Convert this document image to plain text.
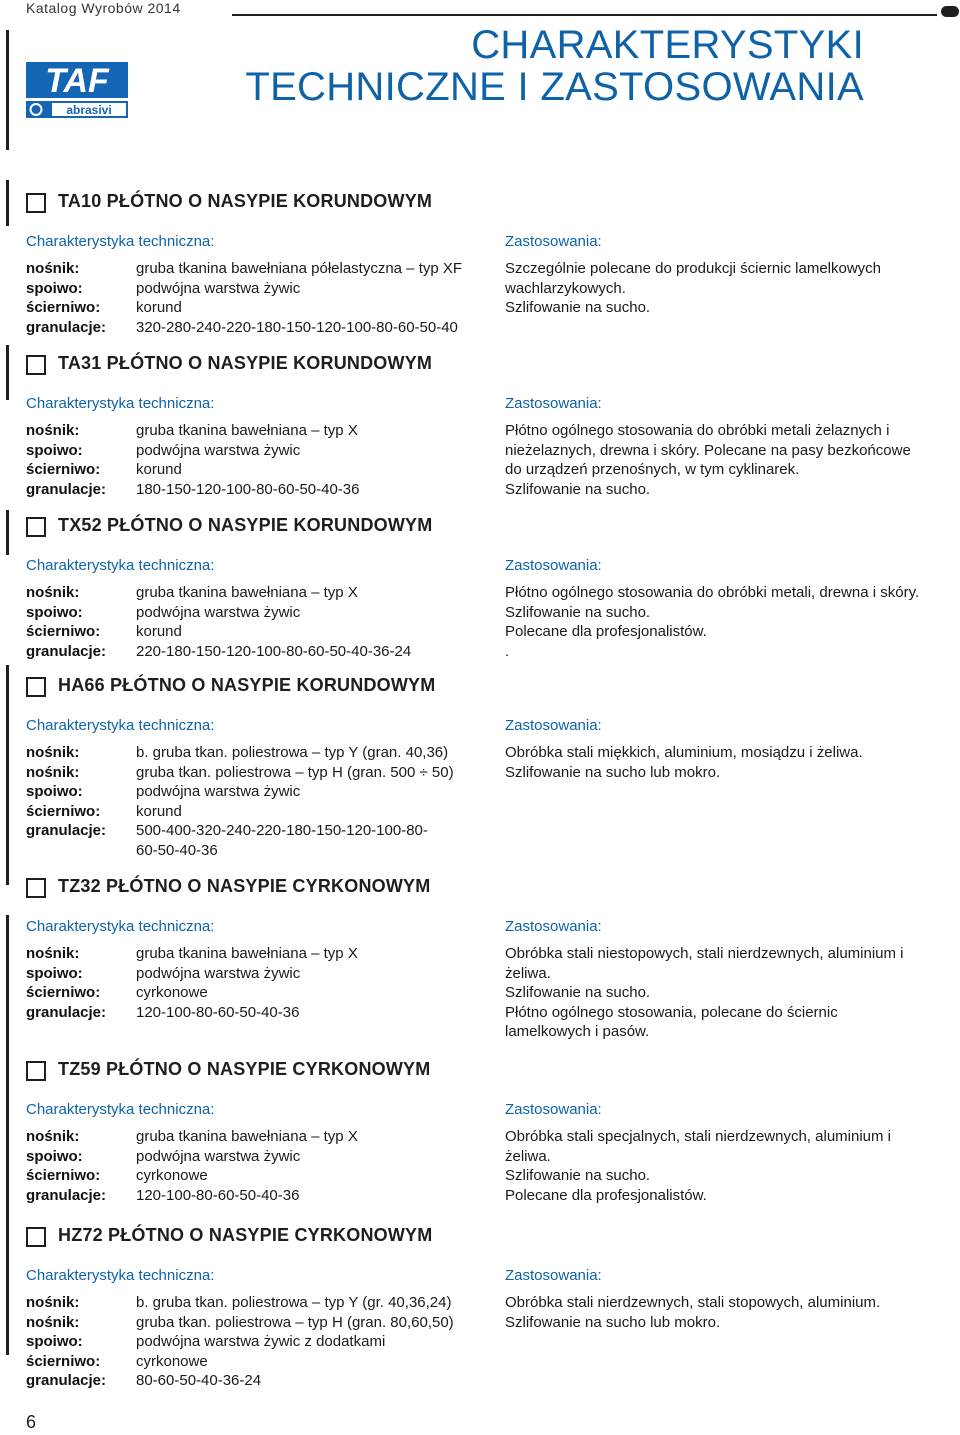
Katalog Wyrobów 2014
TAF
abrasivi
CHARAKTERYSTYKI
TECHNICZNE I ZASTOSOWANIA
TA10 PŁÓTNO O NASYPIE KORUNDOWYM
Charakterystyka techniczna:	Zastosowania:
nośnik:	gruba tkanina bawełniana półelastyczna – typ XF
spoiwo:	podwójna warstwa żywic
ścierniwo: korund
granulacje: 320-280-240-220-180-150-120-100-80-60-50-40
Szczególnie polecane do produkcji ściernic lamelkowych
wachlarzykowych.
Szlifowanie na sucho.
TA31 PŁÓTNO O NASYPIE KORUNDOWYM
Charakterystyka techniczna:	Zastosowania:
nośnik:	gruba tkanina bawełniana – typ X
spoiwo:	podwójna warstwa żywic
ścierniwo: korund
granulacje: 180-150-120-100-80-60-50-40-36
Płótno ogólnego stosowania do obróbki metali żelaznych i
nieżelaznych, drewna i skóry. Polecane na pasy bezkońcowe
do urządzeń przenośnych, w tym cyklinarek.
Szlifowanie na sucho.
TX52 PŁÓTNO O NASYPIE KORUNDOWYM
Charakterystyka techniczna:	Zastosowania:
nośnik:	gruba tkanina bawełniana – typ X
spoiwo:	podwójna warstwa żywic
ścierniwo: korund
granulacje: 220-180-150-120-100-80-60-50-40-36-24
Płótno ogólnego stosowania do obróbki metali, drewna i skóry.
Szlifowanie na sucho.
Polecane dla profesjonalistów.
.
HA66 PŁÓTNO O NASYPIE KORUNDOWYM
Charakterystyka techniczna:	Zastosowania:
nośnik:	b. gruba tkan. poliestrowa – typ Y (gran. 40,36)
nośnik:	gruba tkan. poliestrowa – typ H (gran. 500 ÷ 50)
spoiwo:	podwójna warstwa żywic
ścierniwo: korund
granulacje: 500-400-320-240-220-180-150-120-100-80-
60-50-40-36
Obróbka stali miękkich, aluminium, mosiądzu i żeliwa.
Szlifowanie na sucho lub mokro.
TZ32 PŁÓTNO O NASYPIE CYRKONOWYM
Charakterystyka techniczna:	Zastosowania:
nośnik:	gruba tkanina bawełniana – typ X
spoiwo:	podwójna warstwa żywic
ścierniwo: cyrkonowe
granulacje: 120-100-80-60-50-40-36
Obróbka stali niestopowych, stali nierdzewnych, aluminium i
żeliwa.
Szlifowanie na sucho.
Płótno ogólnego stosowania, polecane do ściernic
lamelkowych i pasów.
TZ59 PŁÓTNO O NASYPIE CYRKONOWYM
Charakterystyka techniczna:	Zastosowania:
nośnik:	gruba tkanina bawełniana – typ X
spoiwo:	podwójna warstwa żywic
ścierniwo: cyrkonowe
granulacje: 120-100-80-60-50-40-36
Obróbka stali specjalnych, stali nierdzewnych, aluminium i
żeliwa.
Szlifowanie na sucho.
Polecane dla profesjonalistów.
HZ72 PŁÓTNO O NASYPIE CYRKONOWYM
Charakterystyka techniczna:	Zastosowania:
nośnik:	b. gruba tkan. poliestrowa – typ Y (gr. 40,36,24)
nośnik:	gruba tkan. poliestrowa – typ H (gran. 80,60,50)
spoiwo:	podwójna warstwa żywic z dodatkami
ścierniwo: cyrkonowe
granulacje: 80-60-50-40-36-24
Obróbka stali nierdzewnych, stali stopowych, aluminium.
Szlifowanie na sucho lub mokro.
6
